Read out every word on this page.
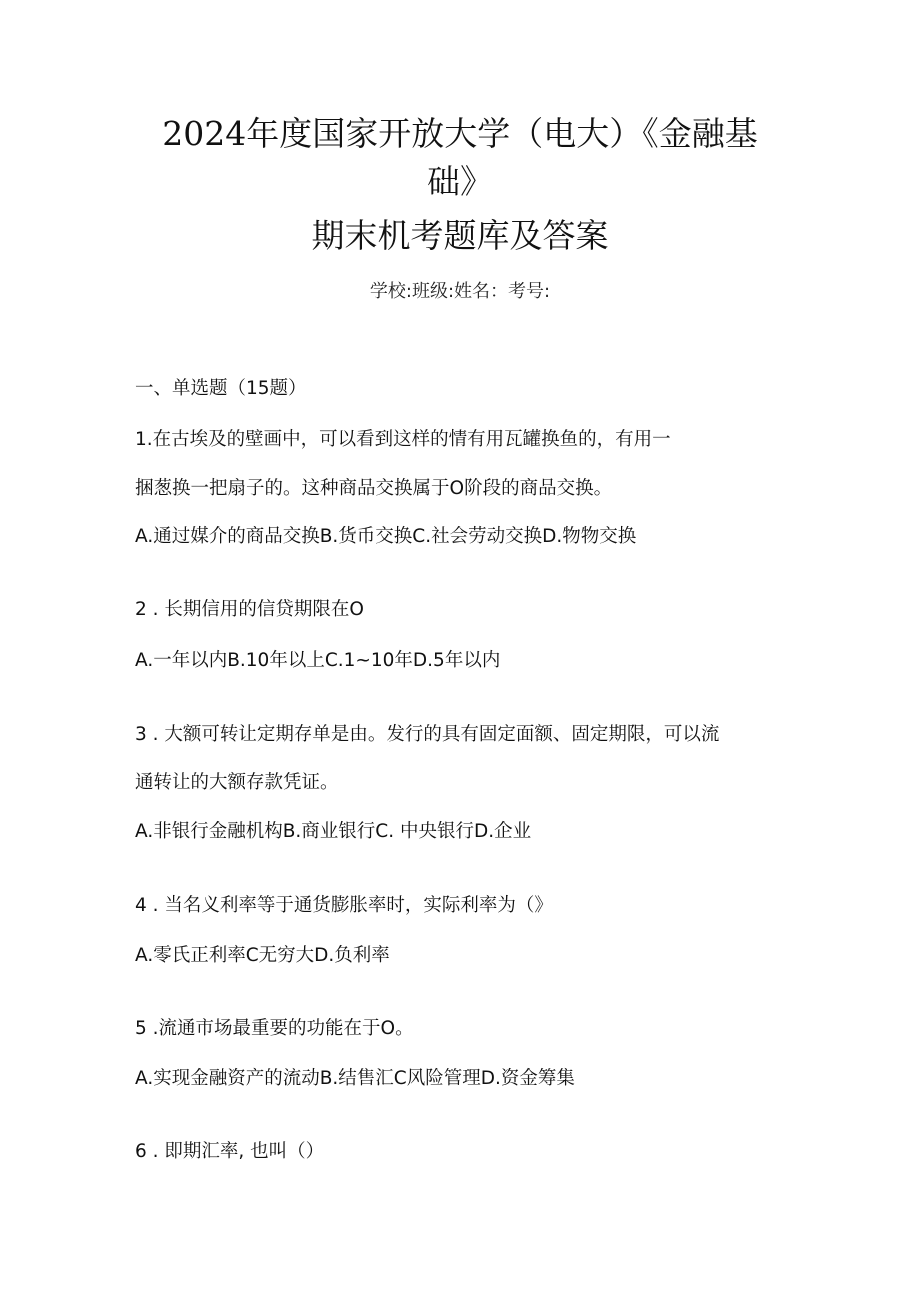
2024年度国家开放大学（电大）《金融基
础》
期末机考题库及答案
学校:班级:姓名：考号:
一、单选题（15题）
1.在古埃及的壁画中，可以看到这样的情有用瓦罐换鱼的，有用一
捆葱换一把扇子的。这种商品交换属于O阶段的商品交换。
A.通过媒介的商品交换B.货币交换C.社会劳动交换D.物物交换
2 . 长期信用的信贷期限在O
A.一年以内B.10年以上C.1~10年D.5年以内
3 . 大额可转让定期存单是由。发行的具有固定面额、固定期限，可以流
通转让的大额存款凭证。
A.非银行金融机构B.商业银行C. 中央银行D.企业
4 . 当名义利率等于通货膨胀率时，实际利率为（》
A.零氏正利率C无穷大D.负利率
5 .流通市场最重要的功能在于O。
A.实现金融资产的流动B.结售汇C风险管理D.资金筹集
6 . 即期汇率, 也叫（）
